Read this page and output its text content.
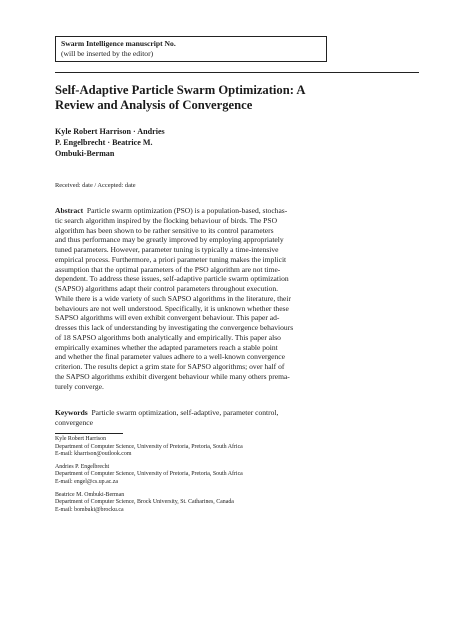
Swarm Intelligence manuscript No.
(will be inserted by the editor)
Self-Adaptive Particle Swarm Optimization: A
Review and Analysis of Convergence
Kyle Robert Harrison · Andries
P. Engelbrecht · Beatrice M.
Ombuki-Berman
Received: date / Accepted: date
Abstract Particle swarm optimization (PSO) is a population-based, stochas-
tic search algorithm inspired by the flocking behaviour of birds. The PSO
algorithm has been shown to be rather sensitive to its control parameters
and thus performance may be greatly improved by employing appropriately
tuned parameters. However, parameter tuning is typically a time-intensive
empirical process. Furthermore, a priori parameter tuning makes the implicit
assumption that the optimal parameters of the PSO algorithm are not time-
dependent. To address these issues, self-adaptive particle swarm optimization
(SAPSO) algorithms adapt their control parameters throughout execution.
While there is a wide variety of such SAPSO algorithms in the literature, their
behaviours are not well understood. Specifically, it is unknown whether these
SAPSO algorithms will even exhibit convergent behaviour. This paper ad-
dresses this lack of understanding by investigating the convergence behaviours
of 18 SAPSO algorithms both analytically and empirically. This paper also
empirically examines whether the adapted parameters reach a stable point
and whether the final parameter values adhere to a well-known convergence
criterion. The results depict a grim state for SAPSO algorithms; over half of
the SAPSO algorithms exhibit divergent behaviour while many others prema-
turely converge.
Keywords Particle swarm optimization, self-adaptive, parameter control,
convergence
Kyle Robert Harrison
Department of Computer Science, University of Pretoria, Pretoria, South Africa
E-mail: kharrison@outlook.com
Andries P. Engelbrecht
Department of Computer Science, University of Pretoria, Pretoria, South Africa
E-mail: engel@cs.up.ac.za
Beatrice M. Ombuki-Berman
Department of Computer Science, Brock University, St. Catharines, Canada
E-mail: bombuki@brocku.ca
